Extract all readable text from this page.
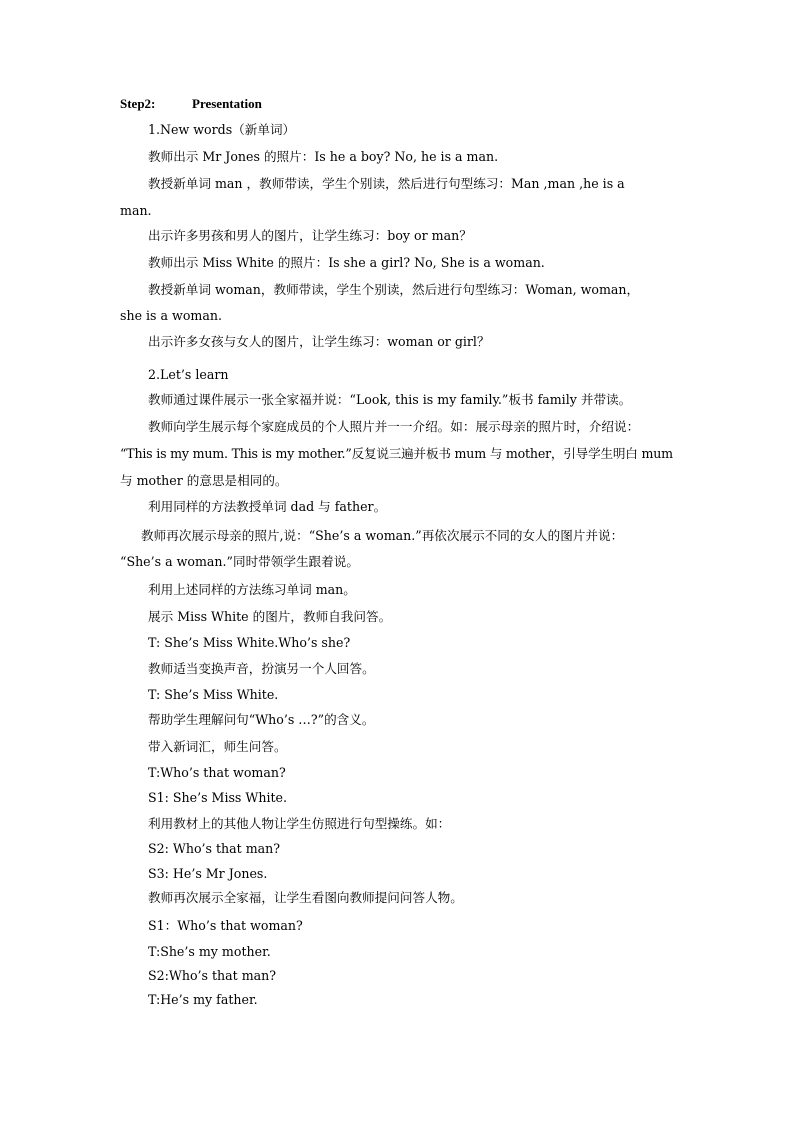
Step2:	Presentation
1.New words（新单词）
教师出示 Mr Jones 的照片：Is he a boy? No, he is a man.
教授新单词 man ，教师带读，学生个别读，然后进行句型练习：Man ,man ,he is a
man.
出示许多男孩和男人的图片，让学生练习：boy or man？
教师出示 Miss White 的照片：Is she a girl? No, She is a woman.
教授新单词 woman，教师带读，学生个别读，然后进行句型练习：Woman, woman，
she is a woman.
出示许多女孩与女人的图片，让学生练习：woman or girl？
2.Let’s learn
教师通过课件展示一张全家福并说：“Look, this is my family.”板书 family 并带读。
教师向学生展示每个家庭成员的个人照片并一一介绍。如：展示母亲的照片时，介绍说：
“This is my mum. This is my mother.”反复说三遍并板书 mum 与 mother，引导学生明白 mum
与 mother 的意思是相同的。
利用同样的方法教授单词 dad 与 father。
教师再次展示母亲的照片,说：“She’s a woman.”再依次展示不同的女人的图片并说：
“She’s a woman.”同时带领学生跟着说。
利用上述同样的方法练习单词 man。
展示 Miss White 的图片，教师自我问答。
T: She’s Miss White.Who’s she?
教师适当变换声音，扮演另一个人回答。
T: She’s Miss White.
帮助学生理解问句“Who’s …?”的含义。
带入新词汇，师生问答。
T:Who’s that woman?
S1: She’s Miss White.
利用教材上的其他人物让学生仿照进行句型操练。如：
S2: Who’s that man?
S3: He’s Mr Jones.
教师再次展示全家福，让学生看图向教师提问问答人物。
S1：Who’s that woman?
T:She’s my mother.
S2:Who’s that man?
T:He’s my father.
